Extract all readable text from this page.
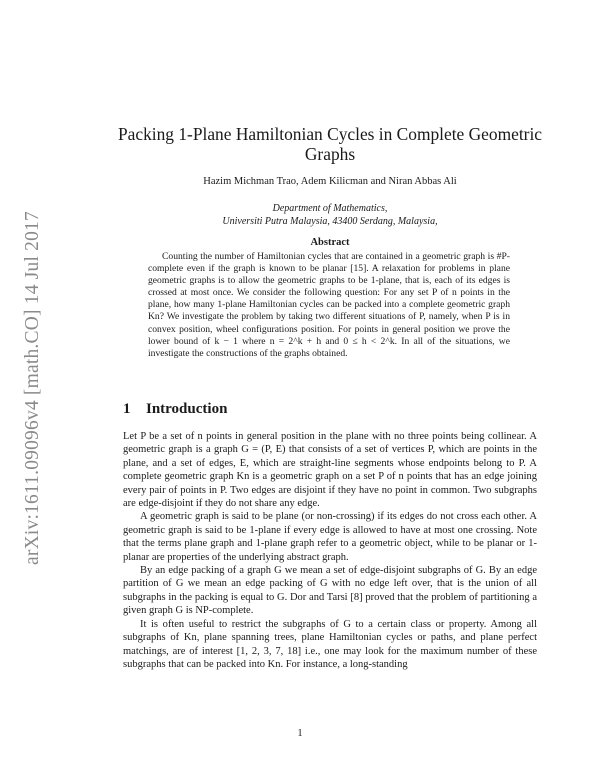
arXiv:1611.09096v4 [math.CO] 14 Jul 2017
Packing 1-Plane Hamiltonian Cycles in Complete Geometric Graphs
Hazim Michman Trao, Adem Kilicman and Niran Abbas Ali
Department of Mathematics,
Universiti Putra Malaysia, 43400 Serdang, Malaysia,
Abstract

Counting the number of Hamiltonian cycles that are contained in a geometric graph is #P-complete even if the graph is known to be planar [15]. A relaxation for problems in plane geometric graphs is to allow the geometric graphs to be 1-plane, that is, each of its edges is crossed at most once. We consider the following question: For any set P of n points in the plane, how many 1-plane Hamiltonian cycles can be packed into a complete geometric graph Kn? We investigate the problem by taking two different situations of P, namely, when P is in convex position, wheel configurations position. For points in general position we prove the lower bound of k − 1 where n = 2^k + h and 0 ≤ h < 2^k. In all of the situations, we investigate the constructions of the graphs obtained.

1 Introduction

Let P be a set of n points in general position in the plane with no three points being collinear. A geometric graph is a graph G = (P, E) that consists of a set of vertices P, which are points in the plane, and a set of edges, E, which are straight-line segments whose endpoints belong to P. A complete geometric graph Kn is a geometric graph on a set P of n points that has an edge joining every pair of points in P. Two edges are disjoint if they have no point in common. Two subgraphs are edge-disjoint if they do not share any edge.

A geometric graph is said to be plane (or non-crossing) if its edges do not cross each other. A geometric graph is said to be 1-plane if every edge is allowed to have at most one crossing. Note that the terms plane graph and 1-plane graph refer to a geometric object, while to be planar or 1-planar are properties of the underlying abstract graph.

By an edge packing of a graph G we mean a set of edge-disjoint subgraphs of G. By an edge partition of G we mean an edge packing of G with no edge left over, that is the union of all subgraphs in the packing is equal to G. Dor and Tarsi [8] proved that the problem of partitioning a given graph G is NP-complete.

It is often useful to restrict the subgraphs of G to a certain class or property. Among all subgraphs of Kn, plane spanning trees, plane Hamiltonian cycles or paths, and plane perfect matchings, are of interest [1, 2, 3, 7, 18] i.e., one may look for the maximum number of these subgraphs that can be packed into Kn. For instance, a long-standing

1
